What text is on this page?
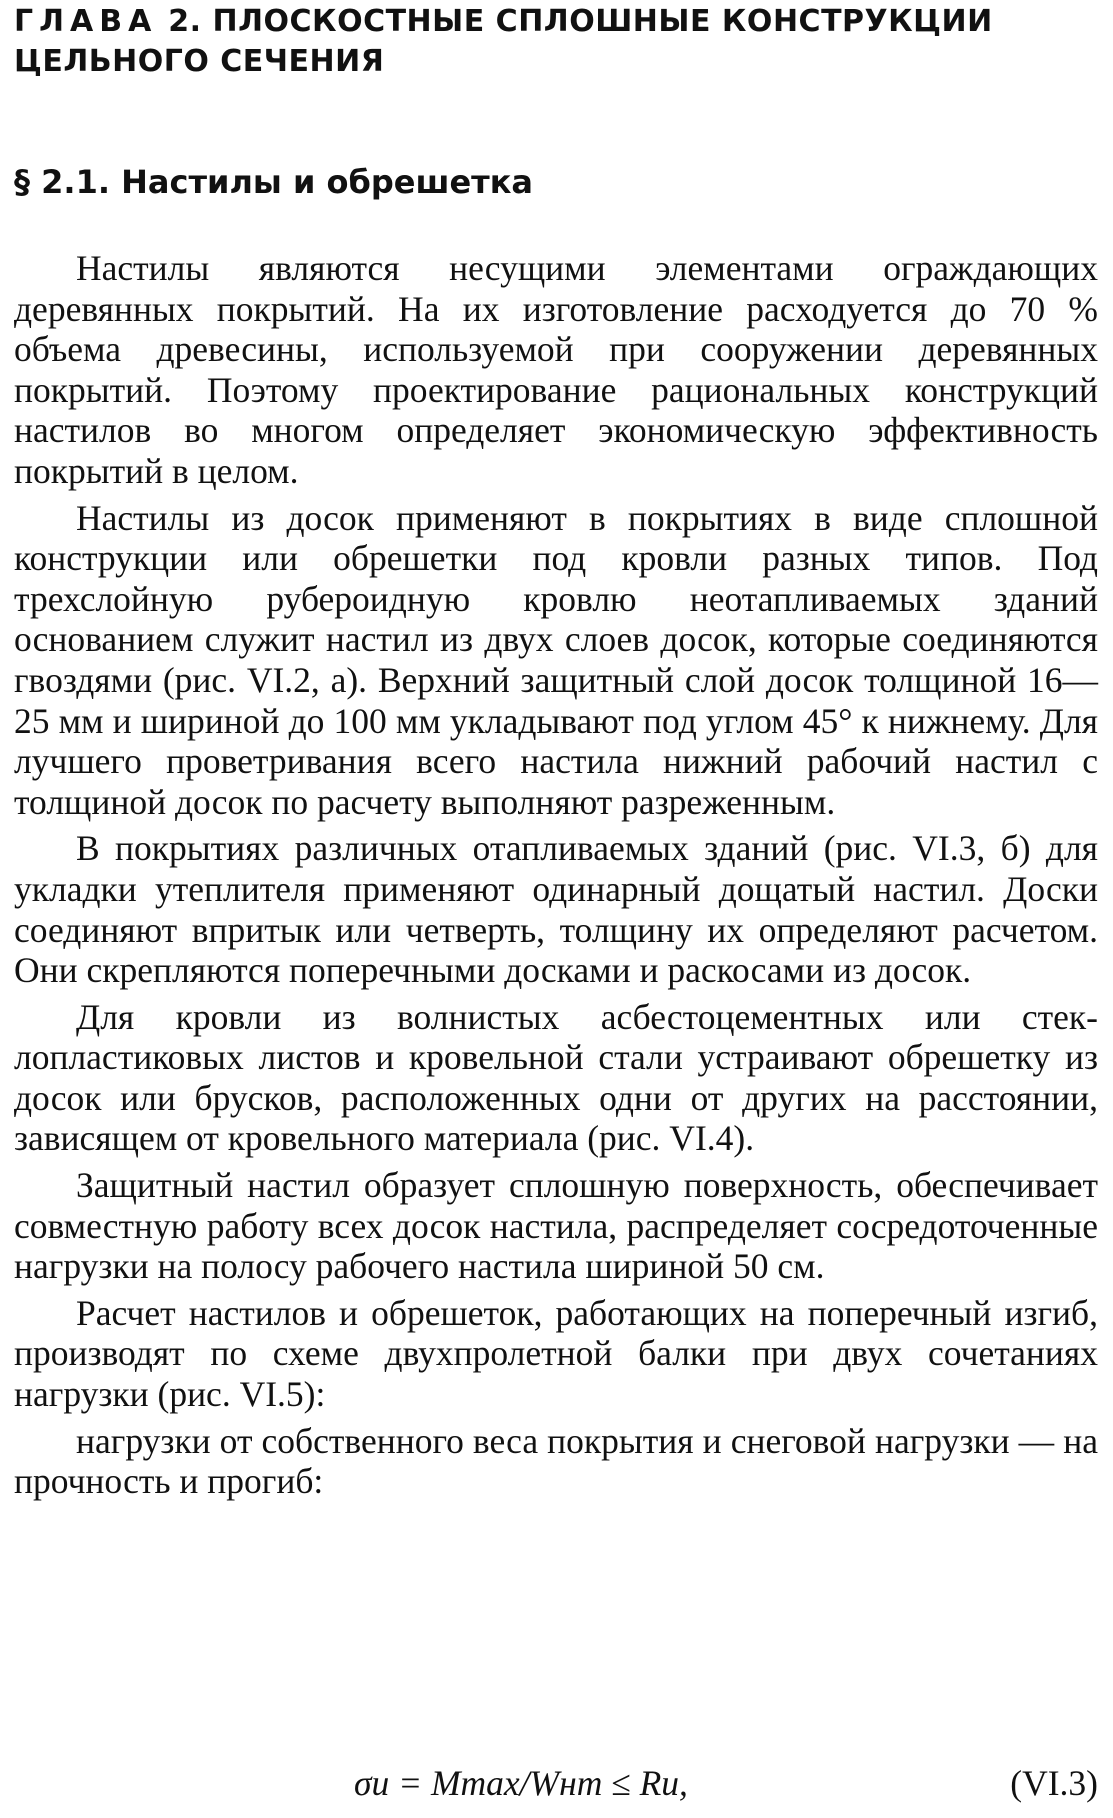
ГЛАВА 2. ПЛОСКОСТНЫЕ СПЛОШНЫЕ КОНСТРУКЦИИ ЦЕЛЬНОГО СЕЧЕНИЯ
§ 2.1. Настилы и обрешетка

Настилы являются несущими элементами ограждающих деревянных покрытий. На их изготовление расходуется до 70 % объема древесины, используемой при сооружении деревянных покрытий. Поэтому проектирование рациональных конструкций настилов во многом определяет экономическую эффективность покрытий в целом.

Настилы из досок применяют в покрытиях в виде сплошной конструкции или обрешетки под кровли разных типов. Под трехслойную рубероидную кровлю неотапливаемых зданий основанием служит настил из двух слоев досок, которые соединяются гвоздями (рис. VI.2, а). Верхний защитный слой досок толщиной 16—25 мм и шириной до 100 мм укладывают под углом 45° к нижнему. Для лучшего проветривания всего настила нижний рабочий настил с толщиной досок по расчету выполняют разреженным.

В покрытиях различных отапливаемых зданий (рис. VI.3, б) для укладки утеплителя применяют одинарный дощатый настил. Доски соединяют впритык или четверть, толщину их определяют расчетом. Они скрепляются поперечными досками и раскосами из досок.

Для кровли из волнистых асбестоцементных или стеклопластиковых листов и кровельной стали устраивают обрешетку из досок или брусков, расположенных одни от других на расстоянии, зависящем от кровельного материала (рис. VI.4).

Защитный настил образует сплошную поверхность, обеспечивает совместную работу всех досок настила, распределяет сосредоточенные нагрузки на полосу рабочего настила шириной 50 см.

Расчет настилов и обрешеток, работающих на поперечный изгиб, производят по схеме двухпролетной балки при двух сочетаниях нагрузки (рис. VI.5):

нагрузки от собственного веса покрытия и снеговой нагрузки — на прочность и прогиб:

σи = Mmax/Wнт ≤ Rи,	(VI.3)
